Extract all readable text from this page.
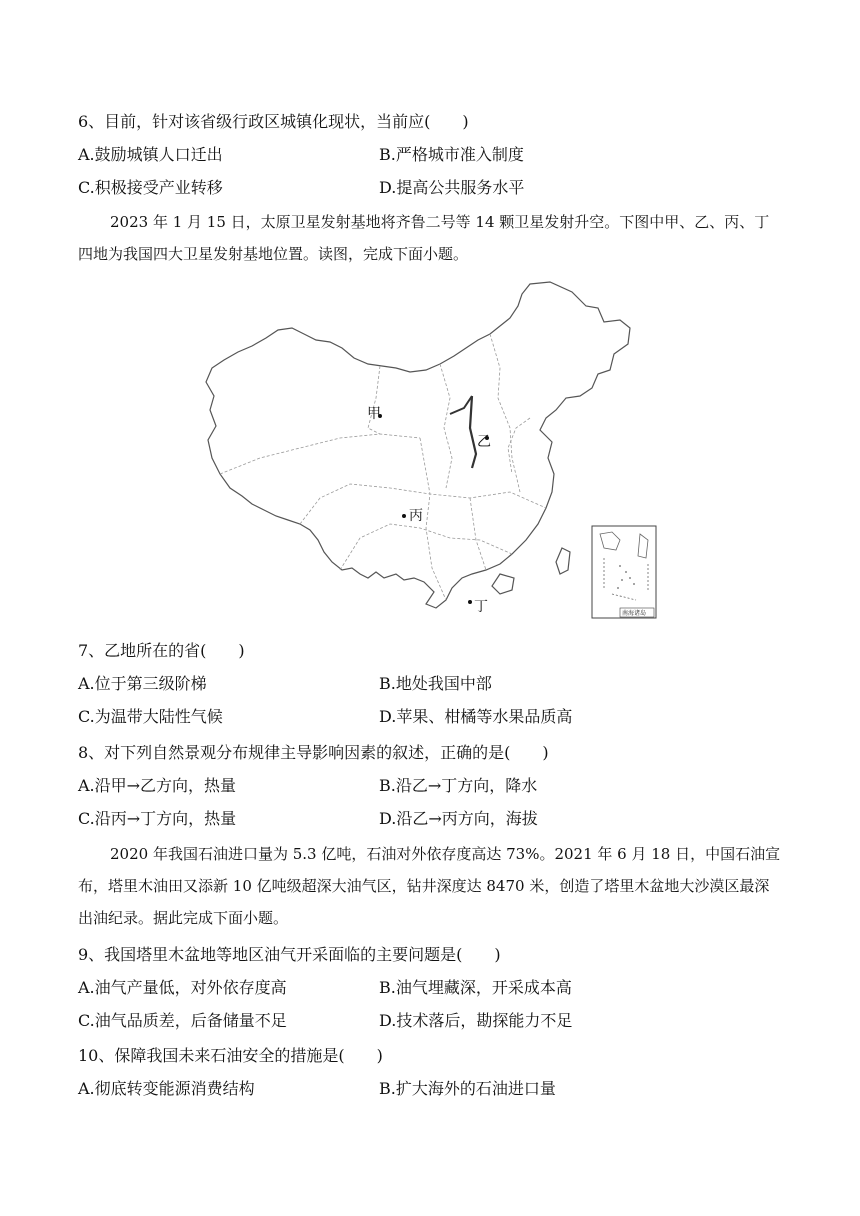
6、目前，针对该省级行政区城镇化现状，当前应(　　)
A.鼓励城镇人口迁出	B.严格城市准入制度
C.积极接受产业转移	D.提高公共服务水平
2023 年 1 月 15 日，太原卫星发射基地将齐鲁二号等 14 颗卫星发射升空。下图中甲、乙、丙、丁四地为我国四大卫星发射基地位置。读图，完成下面小题。
甲
乙
丙
丁	南海诸岛
7、乙地所在的省(　　)
A.位于第三级阶梯	B.地处我国中部
C.为温带大陆性气候	D.苹果、柑橘等水果品质高
8、对下列自然景观分布规律主导影响因素的叙述，正确的是(　　)
A.沿甲→乙方向，热量	B.沿乙→丁方向，降水
C.沿丙→丁方向，热量	D.沿乙→丙方向，海拔
2020 年我国石油进口量为 5.3 亿吨，石油对外依存度高达 73%。2021 年 6 月 18 日，中国石油宣布，塔里木油田又添新 10 亿吨级超深大油气区，钻井深度达 8470 米，创造了塔里木盆地大沙漠区最深出油纪录。据此完成下面小题。
9、我国塔里木盆地等地区油气开采面临的主要问题是(　　)
A.油气产量低，对外依存度高	B.油气埋藏深，开采成本高
C.油气品质差，后备储量不足	D.技术落后，勘探能力不足
10、保障我国未来石油安全的措施是(　　)
A.彻底转变能源消费结构	B.扩大海外的石油进口量
